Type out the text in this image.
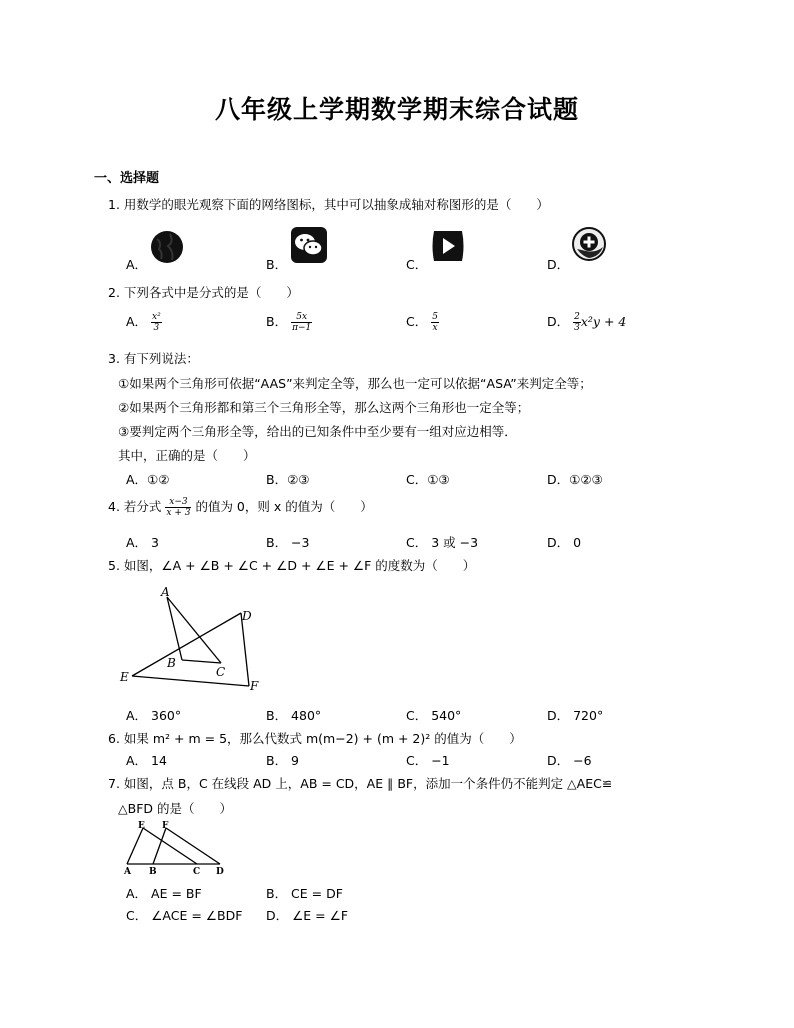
八年级上学期数学期末综合试题
一、选择题
1. 用数学的眼光观察下面的网络图标，其中可以抽象成轴对称图形的是（　　）
A．	B．	C．	D．
2. 下列各式中是分式的是（　　）
A． $\frac{\text{x²}}{3}$	B． $\frac{5x}{\pi-1}$	C． $\frac{5}{x}$	D． $\frac{2}{3} x^2y + 4$
3. 有下列说法：
①如果两个三角形可依据“AAS”来判定全等，那么也一定可以依据“ASA”来判定全等；
②如果两个三角形都和第三个三角形全等，那么这两个三角形也一定全等；
③要判定两个三角形全等，给出的已知条件中至少要有一组对应边相等．
其中，正确的是（　　）
A．①②	B．②③	C．①③	D．①②③
4. 若分式 $\frac{x-3}{x + 3}$ 的值为 0，则 x 的值为（　　）
A． 3	B． −3	C． 3 或 −3	D． 0
5. 如图，∠A + ∠B + ∠C + ∠D + ∠E + ∠F 的度数为（　　）
A
B
C
D
E
F
A． 360°	B． 480°	C． 540°	D． 720°
6. 如果 m² + m = 5，那么代数式 m(m−2) + (m + 2)² 的值为（　　）
A． 14	B． 9	C． −1	D． −6
7. 如图，点 B，C 在线段 AD 上，AB = CD，AE ∥ BF，添加一个条件仍不能判定 △AEC≌
△BFD 的是（　　）
E F
A B	C D
A． AE = BF	B． CE = DF
C． ∠ACE = ∠BDF D． ∠E = ∠F
